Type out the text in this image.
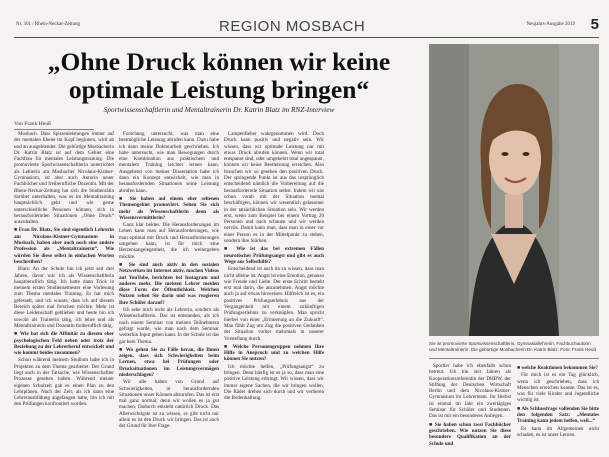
Nr. 301 / Rhein-Neckar-Zeitung	REGION MOSBACH	Neujahrs-Ausgabe 2019 5
„Ohne Druck können wir keine
optimale Leistung bringen“
Sportwissenschaftlerin und Mentaltrainerin Dr. Katrin Blatz im RNZ-Interview
Von Frank Heuß

Mosbach. Dass Spitzenleistungen immer auf der mentalen Ebene im Kopf beginnen, wird ab und an ausgeblendet. Die gebürtige Mosbacherin Dr. Katrin Blatz ist auf dem Gebiet eine Fachfrau für mentales Leistungstraining. Die promovierte Sportwissenschaftlerin unterrichtet als Lehrerin am Mosbacher Nicolaus-Kistner-Gymnasium, ist aber auch Autorin neuer Fachbücher und freiberufliche Dozentin. Mit der Rhein-Neckar-Zeitung hat sich die Studienrätin darüber unterhalten, was es im Mentaltraining hauptsächlich geht und wie gerne unterschiedliche Personen können, sich in herausfordernden Situationen „Ohne Druck“ auszuhalten.

■ Frau Dr. Blatz, Sie sind eigentlich Lehrerin am Nicolaus-Kistner-Gymnasium in Mosbach, haben aber auch noch eine andere Profession als „Mentaltrainerin“. Wie würden Sie diese selbst in einfachen Worten beschreiben?

Blatz: An der Schule bin ich jetzt seit drei Jahren, davor war ich als Wissenschaftlerin hauptberuflich tätig. Ich hatte dann Trick in meinem ersten Studiensemester eine Vorlesung zum Thema mentales Training. Es hat mich gefesselt, und ich wusste, dass ich auf diesem Bereich später mal forschen möchte. Mehr ist diese Leidenschaft geblieben und heute bin ich sowohl als Trainerin tätig, ich lehre und als Mentaltrainerin und Dozentin freiberuflich tätig.

■ Wie hat sich die Affinität zu diesem eher psychologischen Feld neben oder trotz der Beziehung zu der Lehrerberuf entwickelt und wie kommt beides zusammen?

Schon während meinem Studium habe ich in Projekten zu dem Thema gearbeitet. Der Grund liegt auch in der Tatsache, wie Wissenschaftler Prozesse gesehen haben. Während meiner eigenen Schulzeit gab es einen Plan zu den Lehrplänen. Nach der Zeit, als ich dann eine Lehrerausbildung angefangen habe, bin ich mit den Prüfungen konfrontiert worden.

Forschung untersucht, was man eine bestmögliche Leistung abrufen kann. Dazu habe ich dann meine Doktorarbeit geschrieben. Ich habe untersucht, wie man Bewegungen durch eine Kombination aus praktischem und mentalem Training leichter lernen kann. Ausgehend von meiner Dissertation habe ich dann ein Konzept entwickelt, wie man in herausfordernden Situationen seine Leistung abrufen kann.

■ Sie haben auf einem eher seltenen Themengebiet promoviert. Sehen Sie sich mehr als Wissenschaftlerin denn als Wissensvermittlerin?

Ganz klar beides. Die Herausforderungen im Leben kann man auf Herausforderungen, wie man optimal mit Druck und Herausforderungen umgehen kann, ist für mich eine Herzensangelegenheit, die ich weitergeben möchte.

■ Sie sind auch aktiv in den sozialen Netzwerken im Internet aktiv, machen Videos auf YouTube, berichten bei Instagram und anderes mehr. Die meisten Lehrer meiden diese Form der Öffentlichkeit. Welchen Nutzen sehen Sie darin und was reagieren Ihre Schüler darauf?

Ich sehe mich nicht als Lehrerin, sondern als Wissenschaftlerin. Das ist entstanden, als ich nach einem Seminar von meinen Teilnehmern gefragt wurde, wie man nach dem Seminar weiterhin Input geben kann. In der Schule ist das gar kein Thema.

■ Wo gehen Sie zu Fälle heran, die Ihnen zeigen, dass sich Schwierigkeiten beim Lernen, etwa bei Prüfungen oder Drucksituationen im Leistungsvermögen niederschlagen?

Wir alle haben von Grund auf Schwierigkeiten, in herausfordernden Situationen unser Können abzurufen. Das ist erst mal ganz normal, denn wir wollen es ja gut machen. Dadurch entsteht natürlich Druck. Das Allerwichtigste ist zu wissen, es gibt nicht nur allein es ist den Druck wir bringen. Das ist auch der Grund für Ihre Frage.

Lampenfieber wahrgenommen wird. Doch Druck kann positiv und negativ sein. Wir wissen, dass wir optimale Leistung nur mit etwas Druck abrufen können. Wenn wir total entspannt sind, oder umgekehrt total angespannt, können wir keine Bestleistung erreichen. Also brauchen wir so gesehen den positiven Druck. Der springende Punkt ist aus das ursprünglich entscheidend nämlich die Vorbereitung auf die herausfordernde Situation selbst. Indem wir uns schon vorab mit der Situation mental beschäftigen, können wir wesentlich gelassener in der tatsächlichen Situation sein. Wir werden erst, wenn zum Beispiel bei einem Vortrag 20 Personen und nach schauen und wir werden nervös. Damit kann man, dass man in einer vor einer Person es in der Mittelpunkt zu stehen, sondern ihre Stärken.

■ Wie ist das bei extremen Fällen neurotischer Prüfungsangst und gibt es auch Wege aus Selbsthilfe?

Entscheidend ist auch da zu wissen, dass man nicht alleine ist. Angst ist eine Emotion, genauso wie Freude und Liebe. Der erste Schritt besteht erst mal darin, die anzunehmen. Angst möchte auch ja auf etwas hinweisen. Hilfreich ist es, ein positives Prüfungserlebnis aus der Vergangenheit mit einem zukünftigen Prüfungserlebnis zu verknüpfen. Man spricht hierbei von einer „Erinnerung an die Zukunft“. Man fühlt Zug um Zug die positiven Gedanken der Situation vorher mehrmals in unserer Vorstellung durch.

■ Welche Personengruppen nehmen Ihre Hilfe in Anspruch und zu welchen Hilfe können Sie nutzen?

Ich möchte helfen, „Prüfungsangst“ zu bringen. Denn häufig ist es ja so, dass man eine positive Leistung erbringt. Wir wissen, dass wir immer eigene Sachen, die wir bringen wollen, Die Räder drehen sich durch und wir verlieren die Bodenhaftung.

Sie ist promovierte Sportwissenschaftlerin, Gymnasiallehrerin, Fachbuchautorin und Mentaltrainerin: Die gebürtige Mosbacherin Dr. Katrin Blatz. Foto: Frank Heuß

Sportler habe ich ebenfalls schon betreut. Ich bin seit Jahren als Kooperationsreferentin der DHBW, der Stiftung der Deutschen Wirtschaft Berlin und dem Nicolaus-Kistner-Gymnasium im Lehrerteam. Im Herbst ist einmal im Jahr ein zweitägiges Seminar für Schüler und Studenten. Das ist mir ein besonderes Anliegen.

■ Sie haben schon zwei Fachbücher geschrieben. Wie nutzen Sie diese besondere Qualifikation an der Schule und

■ welche Reaktionen bekommen Sie?

Für mich ist es ein Tag glücklich, wenn ich geschrieben, dass ich Menschen erreichen konnte. Das ist es, was für viele Kinder und Jugendliche wichtig ist.

■ Als Schlussfrage vollenden Sie bitte den folgenden Satz: „Mentales Training kann jedem helfen, weil...“

Es kann im Allgemeinen nicht schaden, es ist unser Lernen.
